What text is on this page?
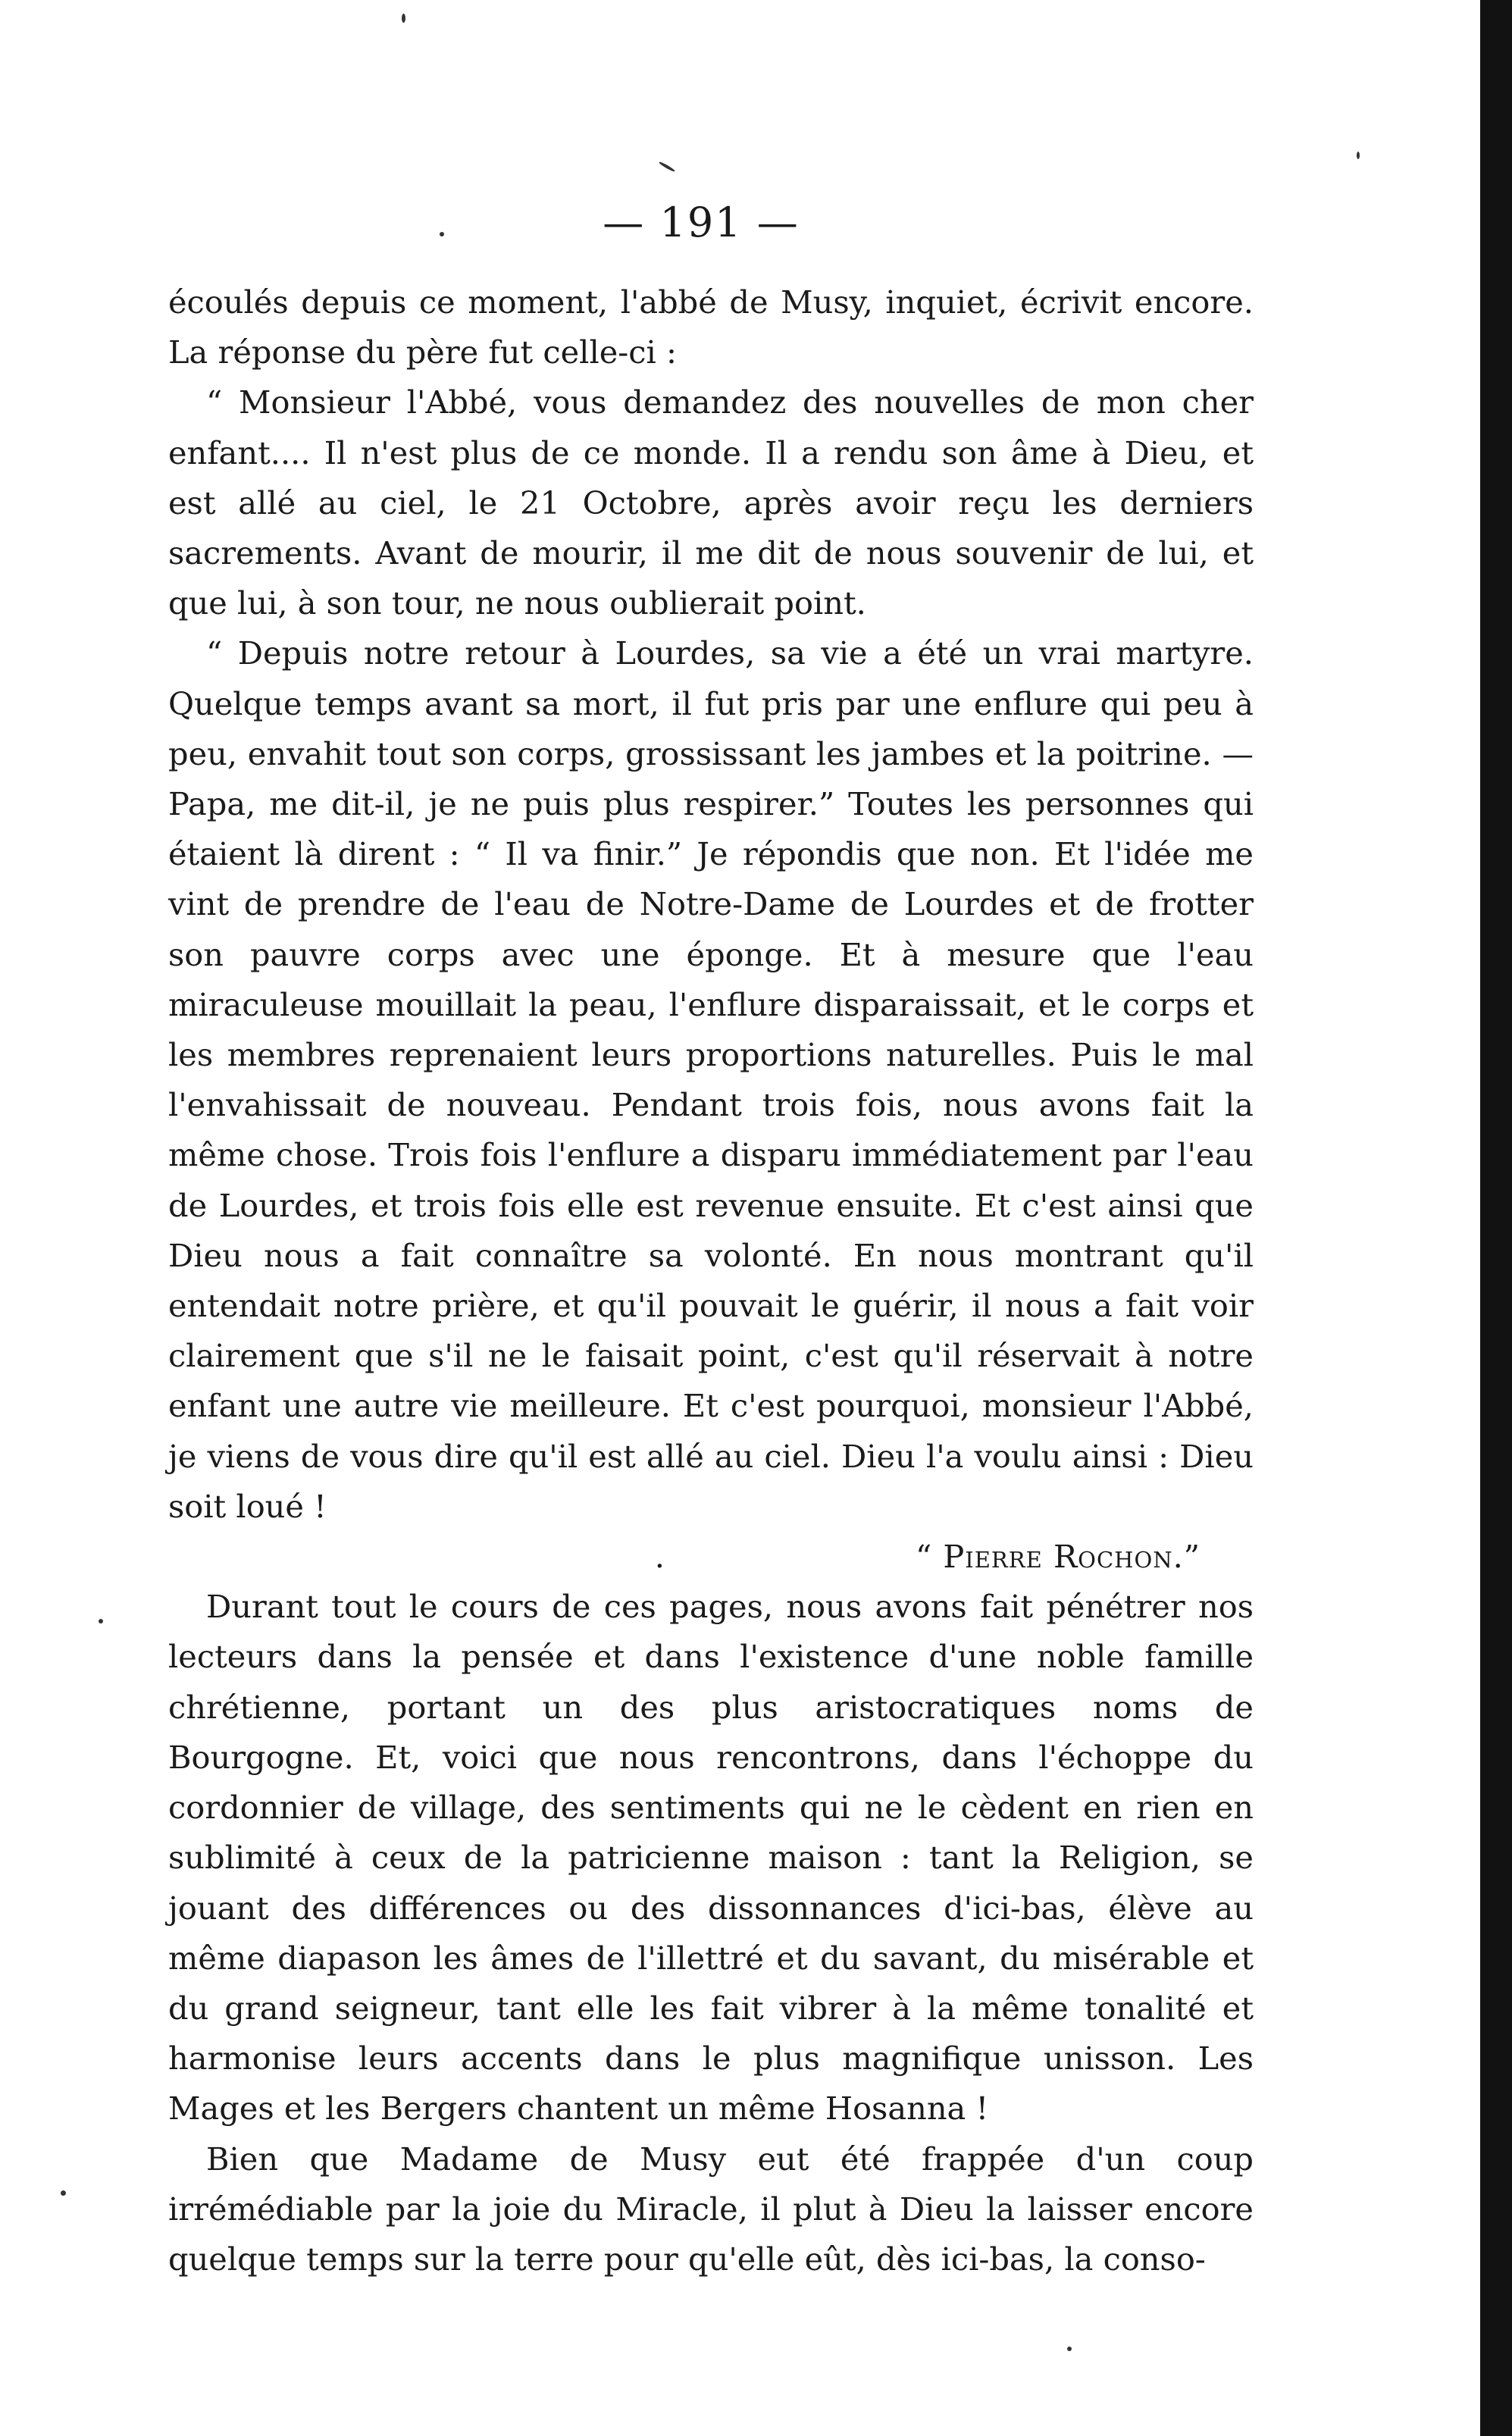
— 191 —

écoulés depuis ce moment, l'abbé de Musy, inquiet, écrivit encore. La réponse du père fut celle-ci :

“ Monsieur l'Abbé, vous demandez des nouvelles de mon cher enfant.... Il n'est plus de ce monde. Il a rendu son âme à Dieu, et est allé au ciel, le 21 Octobre, après avoir reçu les derniers sacrements. Avant de mourir, il me dit de nous souvenir de lui, et que lui, à son tour, ne nous oublierait point.

“ Depuis notre retour à Lourdes, sa vie a été un vrai martyre. Quelque temps avant sa mort, il fut pris par une enflure qui peu à peu, envahit tout son corps, grossissant les jambes et la poitrine. — Papa, me dit-il, je ne puis plus respirer.” Toutes les personnes qui étaient là dirent : “ Il va finir.” Je répondis que non. Et l'idée me vint de prendre de l'eau de Notre-Dame de Lourdes et de frotter son pauvre corps avec une éponge. Et à mesure que l'eau miraculeuse mouillait la peau, l'enflure disparaissait, et le corps et les membres reprenaient leurs proportions naturelles. Puis le mal l'envahissait de nouveau. Pendant trois fois, nous avons fait la même chose. Trois fois l'enflure a disparu immédiatement par l'eau de Lourdes, et trois fois elle est revenue ensuite. Et c'est ainsi que Dieu nous a fait connaître sa volonté. En nous montrant qu'il entendait notre prière, et qu'il pouvait le guérir, il nous a fait voir clairement que s'il ne le faisait point, c'est qu'il réservait à notre enfant une autre vie meilleure. Et c'est pourquoi, monsieur l'Abbé, je viens de vous dire qu'il est allé au ciel. Dieu l'a voulu ainsi : Dieu soit loué !

.	“ Pierre Rochon.”

Durant tout le cours de ces pages, nous avons fait pénétrer nos lecteurs dans la pensée et dans l'existence d'une noble famille chrétienne, portant un des plus aristocratiques noms de Bourgogne. Et, voici que nous rencontrons, dans l'échoppe du cordonnier de village, des sentiments qui ne le cèdent en rien en sublimité à ceux de la patricienne maison : tant la Religion, se jouant des différences ou des dissonnances d'ici-bas, élève au même diapason les âmes de l'illettré et du savant, du misérable et du grand seigneur, tant elle les fait vibrer à la même tonalité et harmonise leurs accents dans le plus magnifique unisson. Les Mages et les Bergers chantent un même Hosanna !

Bien que Madame de Musy eut été frappée d'un coup irrémédiable par la joie du Miracle, il plut à Dieu la laisser encore quelque temps sur la terre pour qu'elle eût, dès ici-bas, la conso-
